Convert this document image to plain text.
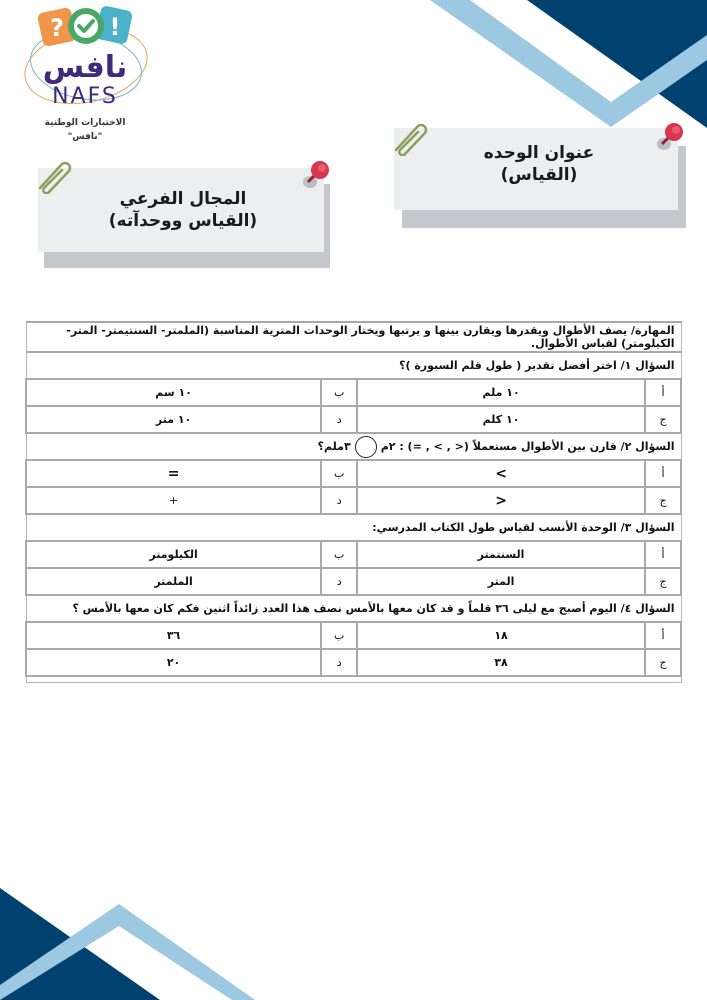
? !
نافس
NAFS
الاختبارات الوطنية
"نافس"
عنوان الوحده
(القياس)
المجال الفرعي
(القياس ووحدآته)
المهارة/ يصف الأطوال ويقدرها ويقارن بينها و يرتبها ويختار الوحدات المترية المناسبة (الملمتر- السنتيمتر- المتر- الكيلومتر) لقياس الأطوال.			
السؤال ١/ اختر أفضل تقدير ( طول قلم السبورة )؟			
أ	١٠ ملم	ب	١٠ سم
ج	١٠ كلم	د	١٠ متر
السؤال ٢/ قارن بين الأطوال مستعملاً (< , > , =) : ٢م٣ملم؟			
أ	>	ب	=
ج	<	د	+
السؤال ٣/ الوحدة الأنسب لقياس طول الكتاب المدرسي:			
أ	السنتمتر	ب	الكيلومتر
ج	المتر	د	الملمتر
السؤال ٤/ اليوم أصبح مع ليلى ٣٦ قلماً و قد كان معها بالأمس نصف هذا العدد زائداً اثنين فكم كان معها بالأمس ؟			
أ	١٨	ب	٣٦
ج	٣٨	د	٢٠
